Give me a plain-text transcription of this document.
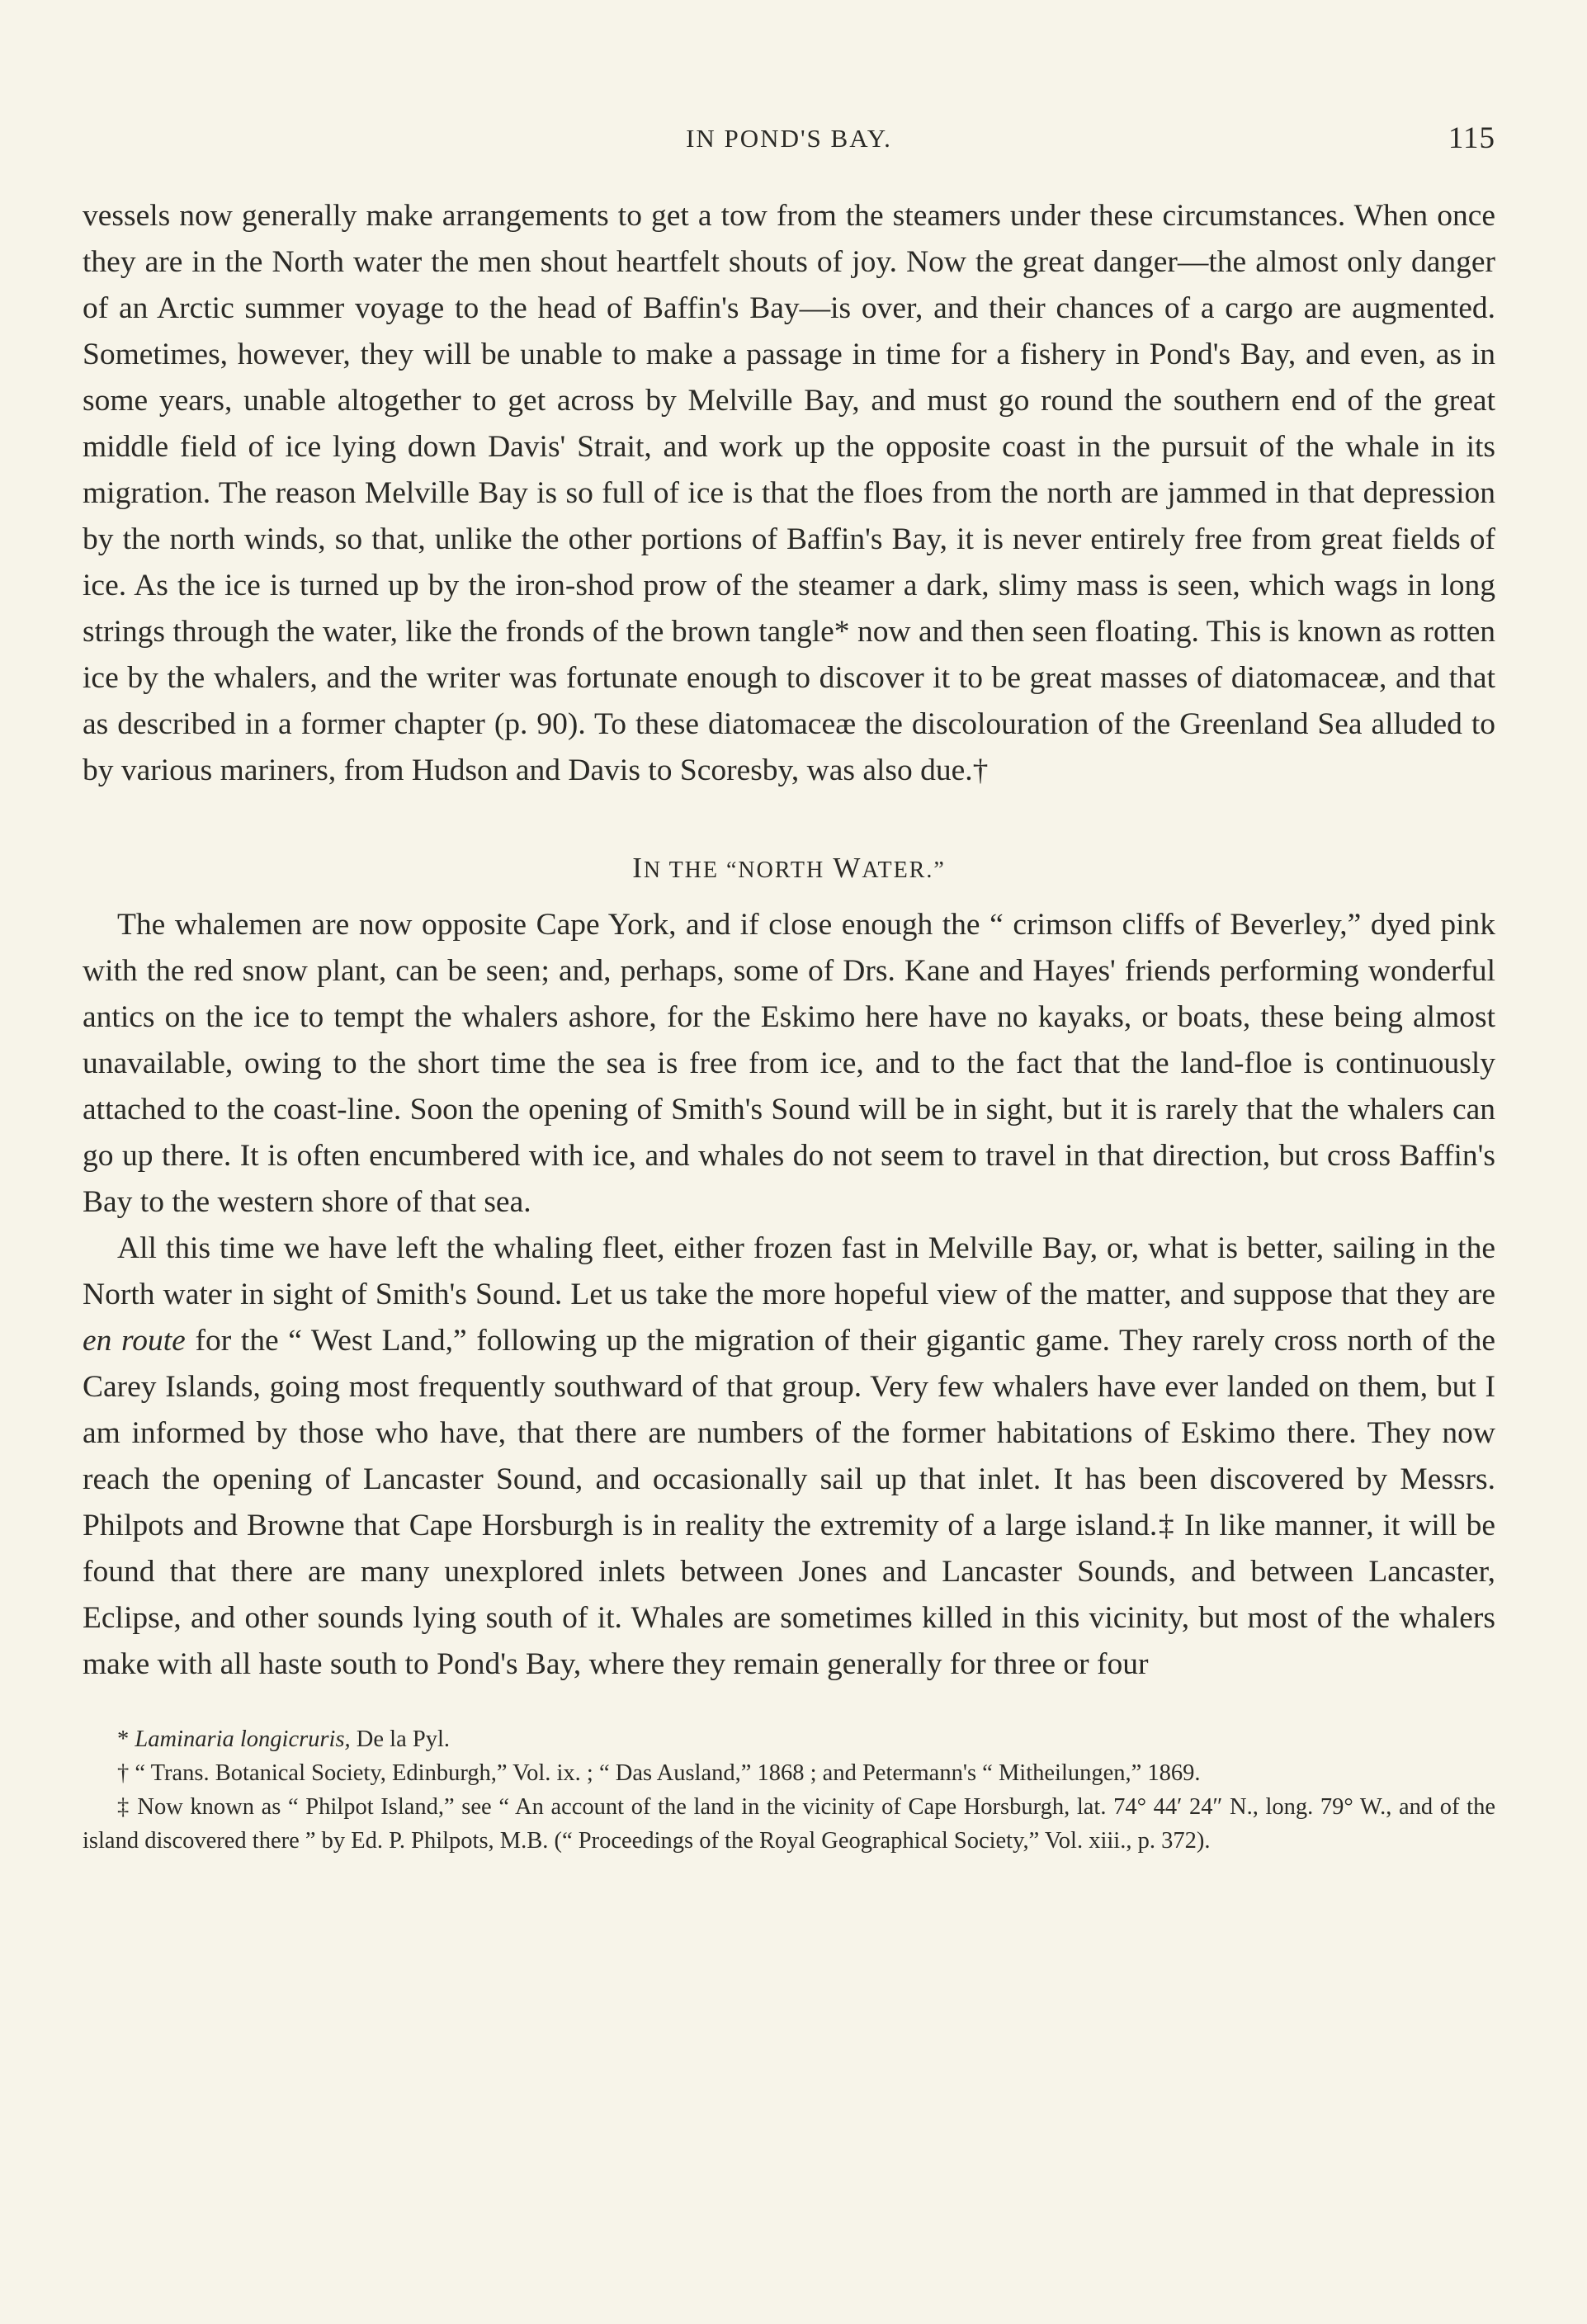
IN POND'S BAY.	115

vessels now generally make arrangements to get a tow from the steamers under these circumstances. When once they are in the North water the men shout heartfelt shouts of joy. Now the great danger—the almost only danger of an Arctic summer voyage to the head of Baffin's Bay—is over, and their chances of a cargo are augmented. Sometimes, however, they will be unable to make a passage in time for a fishery in Pond's Bay, and even, as in some years, unable altogether to get across by Melville Bay, and must go round the southern end of the great middle field of ice lying down Davis' Strait, and work up the opposite coast in the pursuit of the whale in its migration. The reason Melville Bay is so full of ice is that the floes from the north are jammed in that depression by the north winds, so that, unlike the other portions of Baffin's Bay, it is never entirely free from great fields of ice. As the ice is turned up by the iron-shod prow of the steamer a dark, slimy mass is seen, which wags in long strings through the water, like the fronds of the brown tangle* now and then seen floating. This is known as rotten ice by the whalers, and the writer was fortunate enough to discover it to be great masses of diatomaceæ, and that as described in a former chapter (p. 90). To these diatomaceæ the discolouration of the Greenland Sea alluded to by various mariners, from Hudson and Davis to Scoresby, was also due.†

IN THE “NORTH WATER.”

The whalemen are now opposite Cape York, and if close enough the “ crimson cliffs of Beverley,” dyed pink with the red snow plant, can be seen; and, perhaps, some of Drs. Kane and Hayes' friends performing wonderful antics on the ice to tempt the whalers ashore, for the Eskimo here have no kayaks, or boats, these being almost unavailable, owing to the short time the sea is free from ice, and to the fact that the land-floe is continuously attached to the coast-line. Soon the opening of Smith's Sound will be in sight, but it is rarely that the whalers can go up there. It is often encumbered with ice, and whales do not seem to travel in that direction, but cross Baffin's Bay to the western shore of that sea.

All this time we have left the whaling fleet, either frozen fast in Melville Bay, or, what is better, sailing in the North water in sight of Smith's Sound. Let us take the more hopeful view of the matter, and suppose that they are en route for the “ West Land,” following up the migration of their gigantic game. They rarely cross north of the Carey Islands, going most frequently southward of that group. Very few whalers have ever landed on them, but I am informed by those who have, that there are numbers of the former habitations of Eskimo there. They now reach the opening of Lancaster Sound, and occasionally sail up that inlet. It has been discovered by Messrs. Philpots and Browne that Cape Horsburgh is in reality the extremity of a large island.‡ In like manner, it will be found that there are many unexplored inlets between Jones and Lancaster Sounds, and between Lancaster, Eclipse, and other sounds lying south of it. Whales are sometimes killed in this vicinity, but most of the whalers make with all haste south to Pond's Bay, where they remain generally for three or four

* Laminaria longicruris, De la Pyl.

† “ Trans. Botanical Society, Edinburgh,” Vol. ix. ; “ Das Ausland,” 1868 ; and Petermann's “ Mitheilungen,” 1869.

‡ Now known as “ Philpot Island,” see “ An account of the land in the vicinity of Cape Horsburgh, lat. 74° 44′ 24″ N., long. 79° W., and of the island discovered there ” by Ed. P. Philpots, M.B. (“ Proceedings of the Royal Geographical Society,” Vol. xiii., p. 372).
